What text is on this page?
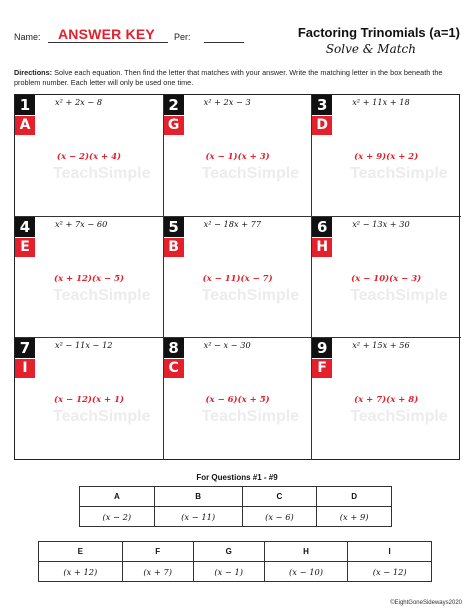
Name: ANSWER KEY Per:	Factoring Trinomials (a=1)
Solve & Match
Directions: Solve each equation. Then find the letter that matches with your answer. Write the matching letter in the box beneath the problem number. Each letter will only be used one time.
TeachSimple
1
A
x² + 2x − 8
(x − 2)(x + 4)
TeachSimple
2
G
x² + 2x − 3
(x − 1)(x + 3)
TeachSimple
3
D
x² + 11x + 18
(x + 9)(x + 2)
TeachSimple
4
E
x² + 7x − 60
(x + 12)(x − 5)
TeachSimple
5
B
x² − 18x + 77
(x − 11)(x − 7)
TeachSimple
6
H
x² − 13x + 30
(x − 10)(x − 3)
TeachSimple
7
I
x² − 11x − 12
(x − 12)(x + 1)
TeachSimple
8
C
x² − x − 30
(x − 6)(x + 5)
TeachSimple
9
F
x² + 15x + 56
(x + 7)(x + 8)
For Questions #1 - #9
A	B	C	D
(x − 2)	(x − 11)	(x − 6)	(x + 9)
E	F	G	H	I
(x + 12)	(x + 7)	(x − 1)	(x − 10)	(x − 12)
©EightGoneSideways2020
